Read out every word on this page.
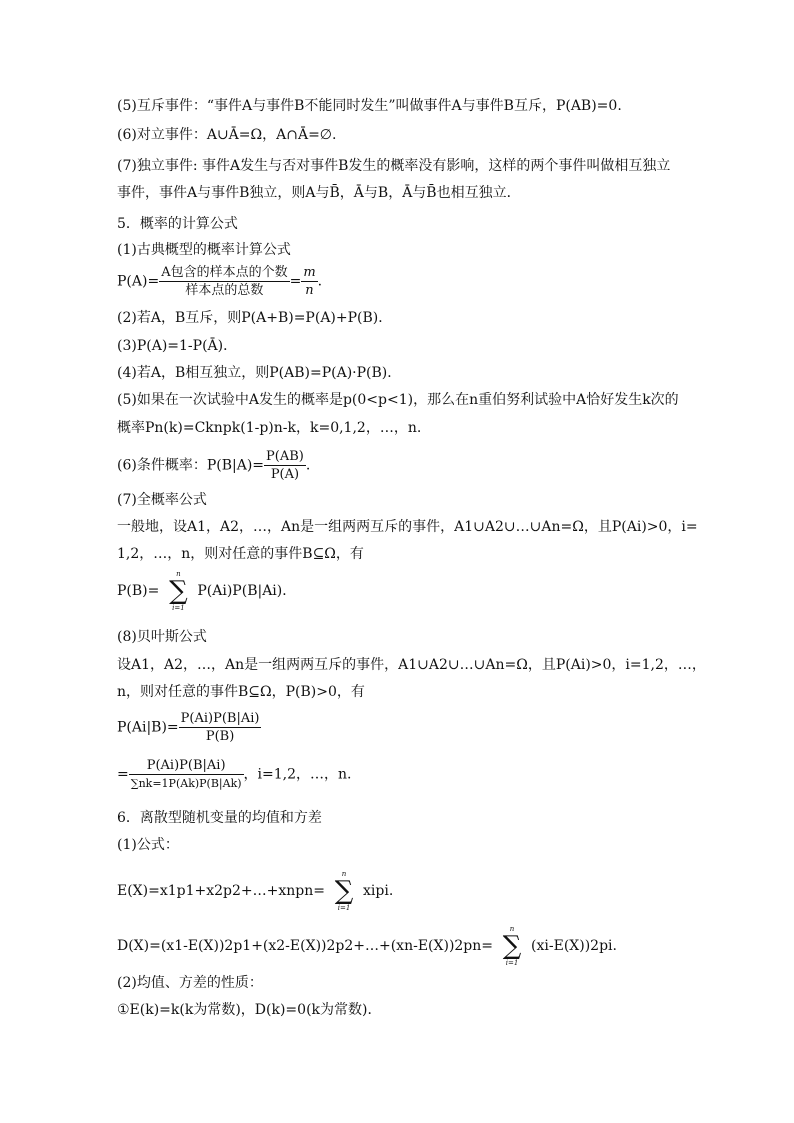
(5)互斥事件：“事件A与事件B不能同时发生”叫做事件A与事件B互斥，P(AB)=0.
(6)对立事件：A∪Ā=Ω，A∩Ā=∅.
(7)独立事件: 事件A发生与否对事件B发生的概率没有影响，这样的两个事件叫做相互独立
事件，事件A与事件B独立，则A与B̄，Ā与B，Ā与B̄也相互独立．
5．概率的计算公式
(1)古典概型的概率计算公式
$P(A)= \frac{\text{A包含的样本点的个数}}{\text{样本点的总数}} = \frac{m}{n}$ .
(2)若A，B互斥，则P(A+B)=P(A)+P(B)．
(3)P(A)=1-P(Ā)．
(4)若A，B相互独立，则P(AB)=P(A)·P(B)．
(5)如果在一次试验中A发生的概率是p(0<p<1)，那么在n重伯努利试验中A恰好发生k次的
概率Pn(k)=Cknpk(1-p)n-k，k=0,1,2，…，n.
(6)条件概率：$P(B|A)= \frac{P(AB)}{P(A)}$ .
(7)全概率公式
一般地，设A1，A2，…，An是一组两两互斥的事件，A1∪A2∪…∪An=Ω，且P(Ai)>0，i=
1,2，…，n，则对任意的事件B⊆Ω，有
P(B)=
n
∑
i=1
P(Ai)P(B|Ai)．
(8)贝叶斯公式
设A1，A2，…，An是一组两两互斥的事件，A1∪A2∪…∪An=Ω，且P(Ai)>0，i=1,2，…，
n，则对任意的事件B⊆Ω，P(B)>0，有
$P(Ai|B)= \frac{P(Ai)P(B|Ai)}{P(B)}$
= $\frac{P(Ai)P(B|Ai)}{\sum nk=1P(Ak)P(B|Ak)}$ ，i=1,2，…，n.
6．离散型随机变量的均值和方差
(1)公式：
E(X)=x1p1+x2p2+…+xnpn=
n
∑
i=1
xipi.
D(X)=(x1-E(X))2p1+(x2-E(X))2p2+…+(xn-E(X))2pn=
n
∑
i=1
(xi-E(X))2pi.
(2)均值、方差的性质：
①E(k)=k(k为常数)，D(k)=0(k为常数)．
